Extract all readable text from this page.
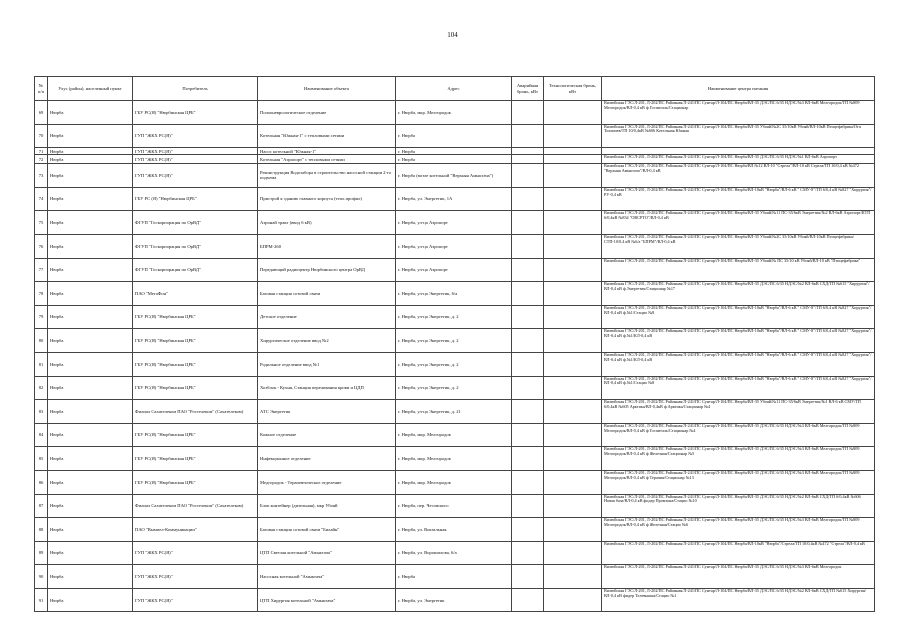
104
№ п/п	Улус (район), населенный пункт	Потребитель	Наименование объекта	Адрес	Аварийная бронь, кВт	Технологическая бронь, кВт	Наименование центра питания

69	Нюрба	ГБУ РС(Я) "Нюрбинская ЦРБ"	Психоневрологическое отделение	г. Нюрба, мкр. Мелгородок			Вилюйская ГЭС/Л-201, Л-202/ПС Районная/Л-241/ПС Сунтар/Л-104/ПС Нюрба/ВЛ-35 ДЭС/ПС 6/35 НДЭС/№3 ВЛ-6кВ Мелгородок/ТП №809 Мелгородок/ВЛ-0,4 кВ ф Госпиталь/Стационар

70	Нюрба	ГУП "ЖКХ РС(Я)"	Котельная "Южная-1" с тепловыми сетями	г. Нюрба			Вилюйская ГЭС/Л-201, Л-202/ПС Районная/Л-241/ПС Сунтар/Л-104/ПС Нюрба/ВЛ-35 Убояй/№2С 35/10кВ Убояй/ВЛ-10кВ Птицефабрика/Отп Толмачев/ТП 10/0,4кВ №606 Котельная Южная

71	Нюрба	ГУП "ЖКХ РС(Я)"	Насос котельной "Южная-1"	г. Нюрба			

72	Нюрба	ГУП "ЖКХ РС(Я)"	Котельная "Аэропорт" с тепловыми сетями	г. Нюрба			Вилюйская ГЭС/Л-201, Л-202/ПС Районная/Л-241/ПС Сунтар/Л-104/ПС Нюрба/ВЛ-35 ДЭС/ПС 6/35 НДЭС/№1 ВЛ-6кВ Аэропорт

73	Нюрба	ГУП "ЖКХ РС(Я)"	Реконструкция Водозабора в строительство насосной станции 2-го подъема	г. Нюрба (возле котельной "Верхняя Амыктача")			Вилюйская ГЭС/Л-201, Л-202/ПС Районная/Л-241/ПС Сунтар/Л-104/ПС Нюрба/ВЛ №12 ВЛ-10 "Стрела"/ВЛ-10 кВ Стрела/ТП 10/0,4 кВ №472 "Верхняя Амыктача"/ВЛ-0,4 кВ

74	Нюрба	ГБУ РС (Я) "Нюрбинская ЦРБ"	Пристрой к зданию главного корпуса (тепл.профил)	г. Нюрба, ул. Энергетик, 1А			Вилюйская ГЭС/Л-201, Л-202/ПС Районная/Л-241/ПС Сунтар/Л-104/ПС Нюрба/ВЛ-10кВ "Нюрба"/ВЛ-6 кВ " СМУ-8"/ТП 6/0,4 кВ №827 "Хирургия"/РУ-0,4 кВ

75	Нюрба	ФГУП "Госкорпорация по ОрВД"	Аэронай тракт (ввод 6 кВ)	г. Нюрба, ул-ца Аэропорт			Вилюйская ГЭС/Л-201, Л-202/ПС Районная/Л-241/ПС Сунтар/Л-104/ПС Нюрба/ВЛ-35 Убояй/№11 ПС-35/6кВ Энергетик/№2 ВЛ-6кВ Аэропорт/КТП 6/0,4кВ №834 "ОВСРТО"/ВЛ-0,4 кВ

76	Нюрба	ФГУП "Госкорпорация по ОрВД"	БПРМ-260	г. Нюрба, ул-ца Аэропорт			Вилюйская ГЭС/Л-201, Л-202/ПС Районная/Л-241/ПС Сунтар/Л-104/ПС Нюрба/ВЛ-35 Убояй/№2С 35/10кВ Убояй/ВЛ-10кВ Птицефабрика/СТП-10/0,4 кВ №6/а "БПРМ"/ВЛ-0,4 кВ

77	Нюрба	ФГУП "Госкорпорация по ОрВД"	Передающий радиоцентр Нюрбинского центра ОрВД	г. Нюрба, ул-ца Аэропорт			Вилюйская ГЭС/Л-201, Л-202/ПС Районная/Л-241/ПС Сунтар/Л-104/ПС Нюрба/ВЛ-35 Убояй/№ ПС 35/10 кВ Убояй/ВЛ-10 кВ "Птицефабрика"

78	Нюрба	ПАО "МегаФон"	Базовая станция сотовой связи	г. Нюрба, ул-ца Энергетик, 6/а			Вилюйская ГЭС/Л-201, Л-202/ПС Районная/Л-241/ПС Сунтар/Л-104/ПС Нюрба/ВЛ-35 ДЭС/ПС 6/35 НДЭС/№2 ВЛ-6кВ СХД/ТП №615 "Хирургия"/ВЛ-0,4 кВ ф.Энергетик/Стационар №17

79	Нюрба	ГБУ РС(Я) "Нюрбинская ЦРБ"	Детское отделение	г. Нюрба, ул-ца Энергетик, д. 2			Вилюйская ГЭС/Л-201, Л-202/ПС Районная/Л-241/ПС Сунтар/Л-104/ПС Нюрба/ВЛ-10кВ "Нюрба"/ВЛ-6 кВ " СМУ-8"/ТП 6/0,4 кВ №827 "Хирургия"/ВЛ-0,4 кВ ф.№1/Стацио №8

80	Нюрба	ГБУ РС(Я) "Нюрбинская ЦРБ"	Хирургическое отделение ввод №2	г. Нюрба, ул-ца Энергетик, д. 2			Вилюйская ГЭС/Л-201, Л-202/ПС Районная/Л-241/ПС Сунтар/Л-104/ПС Нюрба/ВЛ-10кВ "Нюрба"/ВЛ-6 кВ " СМУ-8"/ТП 6/0,4 кВ №827 "Хирургия"/ВЛ-0,4 кВ ф.№1/КЛ-0,4 кВ

81	Нюрба	ГБУ РС(Я) "Нюрбинская ЦРБ"	Родильное отделение ввод №1	г. Нюрба, ул-ца Энергетик, д. 2			Вилюйская ГЭС/Л-201, Л-202/ПС Районная/Л-241/ПС Сунтар/Л-104/ПС Нюрба/ВЛ-10кВ "Нюрба"/ВЛ-6 кВ " СМУ-8"/ТП 6/0,4 кВ №827 "Хирургия"/ВЛ-0,4 кВ ф.№1/КЛ-0,4 кВ

82	Нюрба	ГБУ РС(Я) "Нюрбинская ЦРБ"	Хозблок - Кухня, Станция переливания крови и ЦДП	г. Нюрба, ул-ца Энергетик, д. 2			Вилюйская ГЭС/Л-201, Л-202/ПС Районная/Л-241/ПС Сунтар/Л-104/ПС Нюрба/ВЛ-10кВ "Нюрба"/ВЛ-6 кВ " СМУ-8"/ТП 6/0,4 кВ №827 "Хирургия"/ВЛ-0,4 кВ ф.№1/Стацио №8

83	Нюрба	Филиал Сахателеком ПАО "Ростелеком" (Сахателеком)	АТС Энергетик	г. Нюрба, ул-ца Энергетик, д. 21			Вилюйская ГЭС/Л-201, Л-202/ПС Районная/Л-241/ПС Сунтар/Л-104/ПС Нюрба/ВЛ-35 Убояй/№11 ПС-35/6кВ Энергетик/№1 ВЛ-6 кВ СМУ/ТП 6/0,4кВ №605 Арктика/ВЛ-0,4кВ ф.Арктика/Стационар №4

84	Нюрба	ГБУ РС(Я) "Нюрбинская ЦРБ"	Кожное отделение	г. Нюрба, мкр. Мелгородок			Вилюйская ГЭС/Л-201, Л-202/ПС Районная/Л-241/ПС Сунтар/Л-104/ПС Нюрба/ВЛ-35 ДЭС/ПС 6/35 НДЭС/№3 ВЛ-6кВ Мелгородок/ТП №809 Мелгородок/ВЛ-0,4 кВ ф Госпиталь/Стационар №4

85	Нюрба	ГБУ РС(Я) "Нюрбинская ЦРБ"	Инфекционное отделение	г. Нюрба, мкр. Мелгородок			Вилюйская ГЭС/Л-201, Л-202/ПС Районная/Л-241/ПС Сунтар/Л-104/ПС Нюрба/ВЛ-35 ДЭС/ПС 6/35 НДЭС/№3 ВЛ-6кВ Мелгородок/ТП №809 Мелгородок/ВЛ-0,4 кВ ф Железная/Стационар №5

86	Нюрба	ГБУ РС(Я) "Нюрбинская ЦРБ"	Медгородок - Терапевтическое отделение	г. Нюрба, мкр. Мелгородок			Вилюйская ГЭС/Л-201, Л-202/ПС Районная/Л-241/ПС Сунтар/Л-104/ПС Нюрба/ВЛ-35 ДЭС/ПС 6/35 НДЭС/№3 ВЛ-6кВ Мелгородок/ТП №809 Мелгородок/ВЛ-0,4 кВ ф Терапия/Стационар №13

87	Нюрба	Филиал Сахателеком ПАО "Ростелеком" (Сахателеком)	Блок контейнер (дизельная), мкр Убояй	г. Нюрба, пер. Чесовского			Вилюйская ГЭС/Л-201, Л-202/ПС Районная/Л-241/ПС Сунтар/Л-104/ПС Нюрба/ВЛ-35 ДЭС/ПС 6/35 НДЭС/№2 ВЛ-6кВ СХД/ТП 6/0,4кВ №606 Новая база/ВЛ-0,4 кВ фидер Промзона/Стацио №10

88	Нюрба	ПАО "Вымпел-Коммуникации"	Базовая станция сотовой связи "Билайн"	г. Нюрба, ул. Вокзальная			Вилюйская ГЭС/Л-201, Л-202/ПС Районная/Л-241/ПС Сунтар/Л-104/ПС Нюрба/ВЛ-35 ДЭС/ПС 6/35 НДЭС/№3 ВЛ-6кВ Мелгородок/ТП №809 Мелгородок/ВЛ-0,4 кВ ф Железная/Стацио №6

89	Нюрба	ГУП "ЖКХ РС(Я)"	ЦТП Светлая котельной "Амыктача"	г. Нюрба, ул. Ворошилова, 6/а			Вилюйская ГЭС/Л-201, Л-202/ПС Районная/Л-241/ПС Сунтар/Л-104/ПС Нюрба/ВЛ-10кВ "Нюрба"/Стрела/ТП 10/0,4кВ №472 "Стрела"/ВЛ-0,4 кВ

90	Нюрба	ГУП "ЖКХ РС(Я)"	Насосная котельной "Амыктача"	г. Нюрба			Вилюйская ГЭС/Л-201, Л-202/ПС Районная/Л-241/ПС Сунтар/Л-104/ПС Нюрба/ВЛ-35 ДЭС/ПС 6/35 НДЭС/№3 ВЛ-6кВ Мелгородок

91	Нюрба	ГУП "ЖКХ РС(Я)"	ЦТП Хирургия котельной "Амыктача"	г. Нюрба, ул. Энергетик			Вилюйская ГЭС/Л-201, Л-202/ПС Районная/Л-241/ПС Сунтар/Л-104/ПС Нюрба/ВЛ-35 ДЭС/ПС 6/35 НДЭС/№2 ВЛ-6кВ СХД/ТП №615 Хирургия/ВЛ-0,4 кВ фидер Телевышка/Стацио №1
